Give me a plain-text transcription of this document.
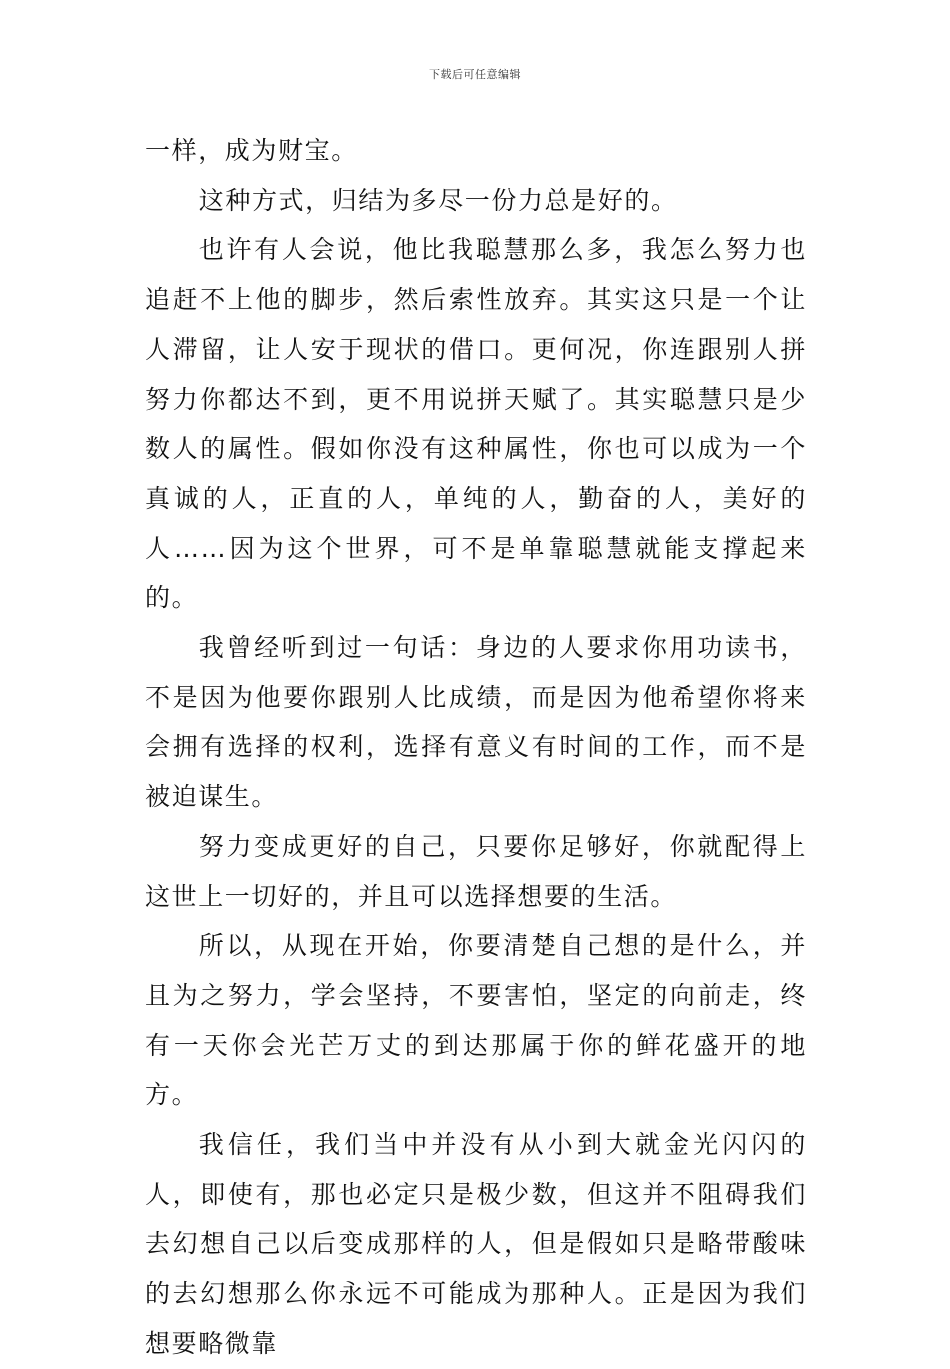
下载后可任意编辑

一样，成为财宝。

这种方式，归结为多尽一份力总是好的。

也许有人会说，他比我聪慧那么多，我怎么努力也追赶不上他的脚步，然后索性放弃。其实这只是一个让人滞留，让人安于现状的借口。更何况，你连跟别人拼努力你都达不到，更不用说拼天赋了。其实聪慧只是少数人的属性。假如你没有这种属性，你也可以成为一个真诚的人，正直的人，单纯的人，勤奋的人，美好的人……因为这个世界，可不是单靠聪慧就能支撑起来的。

我曾经听到过一句话：身边的人要求你用功读书，不是因为他要你跟别人比成绩，而是因为他希望你将来会拥有选择的权利，选择有意义有时间的工作，而不是被迫谋生。

努力变成更好的自己，只要你足够好，你就配得上这世上一切好的，并且可以选择想要的生活。

所以，从现在开始，你要清楚自己想的是什么，并且为之努力，学会坚持，不要害怕，坚定的向前走，终有一天你会光芒万丈的到达那属于你的鲜花盛开的地方。

我信任，我们当中并没有从小到大就金光闪闪的人，即使有，那也必定只是极少数，但这并不阻碍我们去幻想自己以后变成那样的人，但是假如只是略带酸味的去幻想那么你永远不可能成为那种人。正是因为我们想要略微靠
